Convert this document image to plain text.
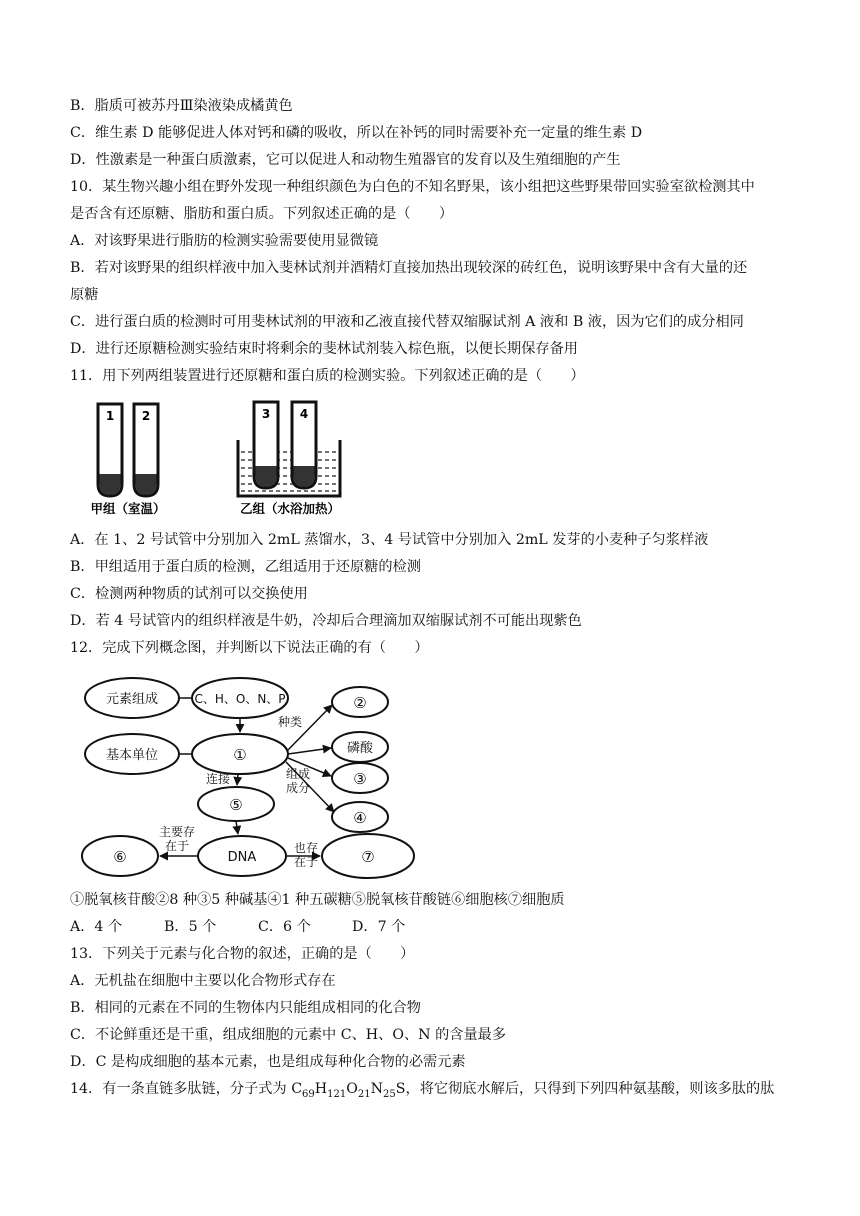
B．脂质可被苏丹Ⅲ染液染成橘黄色
C．维生素 D 能够促进人体对钙和磷的吸收，所以在补钙的同时需要补充一定量的维生素 D
D．性激素是一种蛋白质激素，它可以促进人和动物生殖器官的发育以及生殖细胞的产生
10．某生物兴趣小组在野外发现一种组织颜色为白色的不知名野果，该小组把这些野果带回实验室欲检测其中
是否含有还原糖、脂肪和蛋白质。下列叙述正确的是（　　）
A．对该野果进行脂肪的检测实验需要使用显微镜
B．若对该野果的组织样液中加入斐林试剂并酒精灯直接加热出现较深的砖红色，说明该野果中含有大量的还
原糖
C．进行蛋白质的检测时可用斐林试剂的甲液和乙液直接代替双缩脲试剂 A 液和 B 液，因为它们的成分相同
D．进行还原糖检测实验结束时将剩余的斐林试剂装入棕色瓶，以便长期保存备用
11．用下列两组装置进行还原糖和蛋白质的检测实验。下列叙述正确的是（　　）
1 2
甲组（室温）
3 4
乙组（水浴加热）
A．在 1、2 号试管中分别加入 2mL 蒸馏水，3、4 号试管中分别加入 2mL 发芽的小麦种子匀浆样液
B．甲组适用于蛋白质的检测，乙组适用于还原糖的检测
C．检测两种物质的试剂可以交换使用
D．若 4 号试管内的组织样液是牛奶，冷却后合理滴加双缩脲试剂不可能出现紫色
12．完成下列概念图，并判断以下说法正确的有（　　）
元素组成	C、H、O、N、P
基本单位	①
⑤
⑥	DNA	⑦
②
磷酸
③
④
种类
组成
成分
连接
主要存
在于	也存
在于
①脱氧核苷酸②8 种③5 种碱基④1 种五碳糖⑤脱氧核苷酸链⑥细胞核⑦细胞质
A．4 个	B．5 个	C．6 个	D．7 个
13．下列关于元素与化合物的叙述，正确的是（　　）
A．无机盐在细胞中主要以化合物形式存在
B．相同的元素在不同的生物体内只能组成相同的化合物
C．不论鲜重还是干重，组成细胞的元素中 C、H、O、N 的含量最多
D．C 是构成细胞的基本元素，也是组成每种化合物的必需元素
14．有一条直链多肽链，分子式为 $C_{69}H_{121}O_{21}N_{25}S$，将它彻底水解后，只得到下列四种氨基酸，则该多肽的肽
